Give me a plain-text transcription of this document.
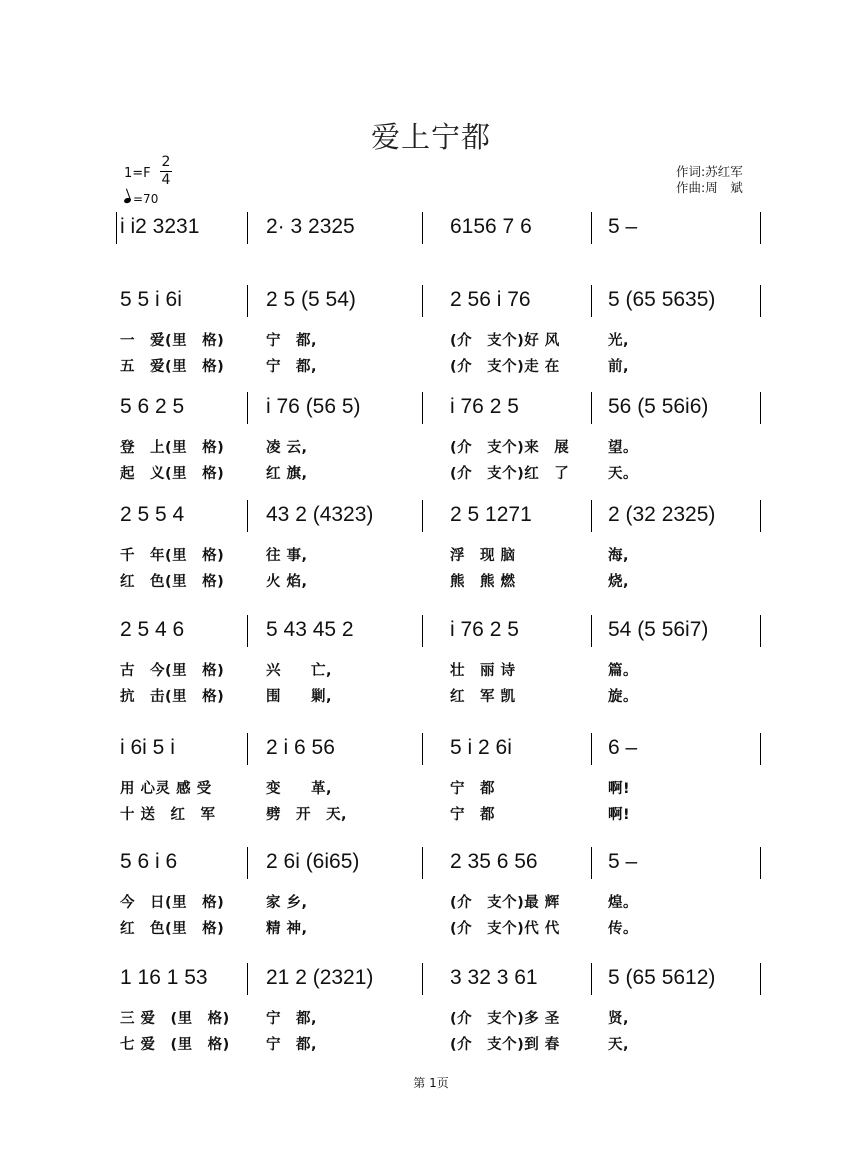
爱上宁都
1=F
2
4
=70
作词:苏红军
作曲:周　斌
i i2 3231	2· 3 2325	6156 7 6	5 –
5 5 i 6i	2 5 (5 54)	2 56 i 76	5 (65 5635)
一　爱(里　格)	宁　都,	(介　支个)好 风	光,
五　爱(里　格)	宁　都,	(介　支个)走 在	前,
5 6 2 5	i 76 (56 5)	i 76 2 5	56 (5 56i6)
登　上(里　格)	凌 云,	(介　支个)来　展	望。
起　义(里　格)	红 旗,	(介　支个)红　了	天。
2 5 5 4	43 2 (4323)	2 5 1271	2 (32 2325)
千　年(里　格)	往 事,	浮　现 脑	海,
红　色(里　格)	火 焰,	熊　熊 燃	烧,
2 5 4 6	5 43 45 2	i 76 2 5	54 (5 56i7)
古　今(里　格)	兴　　亡,	壮　丽 诗	篇。
抗　击(里　格)	围　　剿,	红　军 凯	旋。
i 6i 5 i	2 i 6 56	5 i 2 6i	6 –
用 心灵 感 受	变　　革,	宁　都	啊!
十 送　红　军	劈　开　天,	宁　都	啊!
5 6 i 6	2 6i (6i65)	2 35 6 56	5 –
今　日(里　格)	家 乡,	(介　支个)最 辉	煌。
红　色(里　格)	精 神,	(介　支个)代 代	传。
1 16 1 53	21 2 (2321)	3 32 3 61	5 (65 5612)
三 爱　(里　格) 宁　都,	(介　支个)多 圣	贤,
七 爱　(里　格) 宁　都,	(介　支个)到 春	天,
第 1页
